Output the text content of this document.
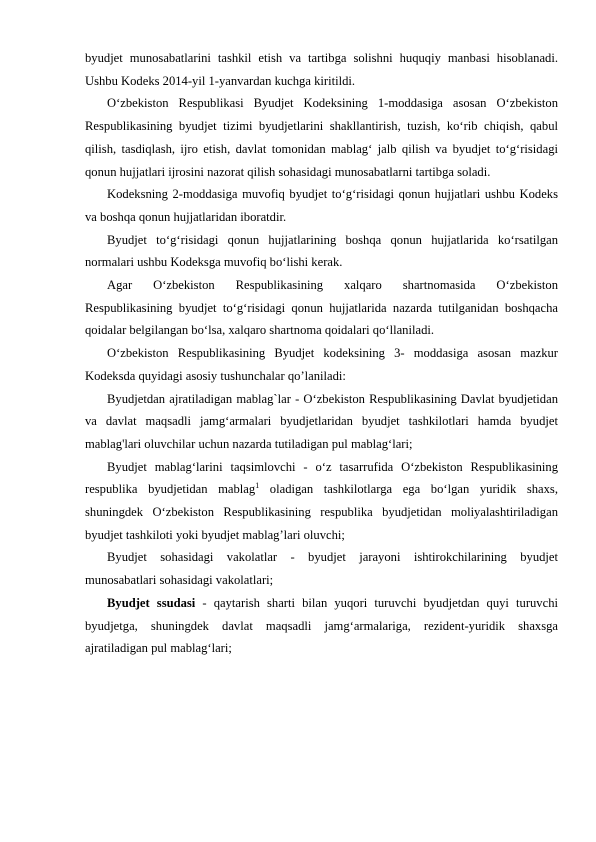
byudjet munosabatlarini tashkil etish va tartibga solishni huquqiy manbasi hisoblanadi. Ushbu Kodeks 2014-yil 1-yanvardan kuchga kiritildi.

O‘zbekiston Respublikasi Byudjet Kodeksining 1-moddasiga asosan O‘zbekiston Respublikasining byudjet tizimi byudjetlarini shakllantirish, tuzish, ko‘rib chiqish, qabul qilish, tasdiqlash, ijro etish, davlat tomonidan mablag‘ jalb qilish va byudjet to‘g‘risidagi qonun hujjatlari ijrosini nazorat qilish sohasidagi munosabatlarni tartibga soladi.

Kodeksning 2-moddasiga muvofiq byudjet to‘g‘risidagi qonun hujjatlari ushbu Kodeks va boshqa qonun hujjatlaridan iboratdir.

Byudjet to‘g‘risidagi qonun hujjatlarining boshqa qonun hujjatlarida ko‘rsatilgan normalari ushbu Kodeksga muvofiq bo‘lishi kerak.

Agar O‘zbekiston Respublikasining xalqaro shartnomasida O‘zbekiston Respublikasining byudjet to‘g‘risidagi qonun hujjatlarida nazarda tutilganidan boshqacha qoidalar belgilangan bo‘lsa, xalqaro shartnoma qoidalari qo‘llaniladi.

O‘zbekiston Respublikasining Byudjet kodeksining 3- moddasiga asosan mazkur Kodeksda quyidagi asosiy tushunchalar qo’laniladi:

Byudjetdan ajratiladigan mablag`lar - O‘zbekiston Respublikasining Davlat byudjetidan va davlat maqsadli jamg‘armalari byudjetlaridan byudjet tashkilotlari hamda byudjet mablag'lari oluvchilar uchun nazarda tutiladigan pul mablag‘lari;

Byudjet mablag‘larini taqsimlovchi - o‘z tasarrufida O‘zbekiston Respublikasining respublika byudjetidan mablag$^1$ oladigan tashkilotlarga ega bo‘lgan yuridik shaxs, shuningdek O‘zbekiston Respublikasining respublika byudjetidan moliyalashtiriladigan byudjet tashkiloti yoki byudjet mablag’lari oluvchi;

Byudjet sohasidagi vakolatlar - byudjet jarayoni ishtirokchilarining byudjet munosabatlari sohasidagi vakolatlari;

Byudjet ssudasi - qaytarish sharti bilan yuqori turuvchi byudjetdan quyi turuvchi byudjetga, shuningdek davlat maqsadli jamg‘armalariga, rezident-yuridik shaxsga ajratiladigan pul mablag‘lari;
